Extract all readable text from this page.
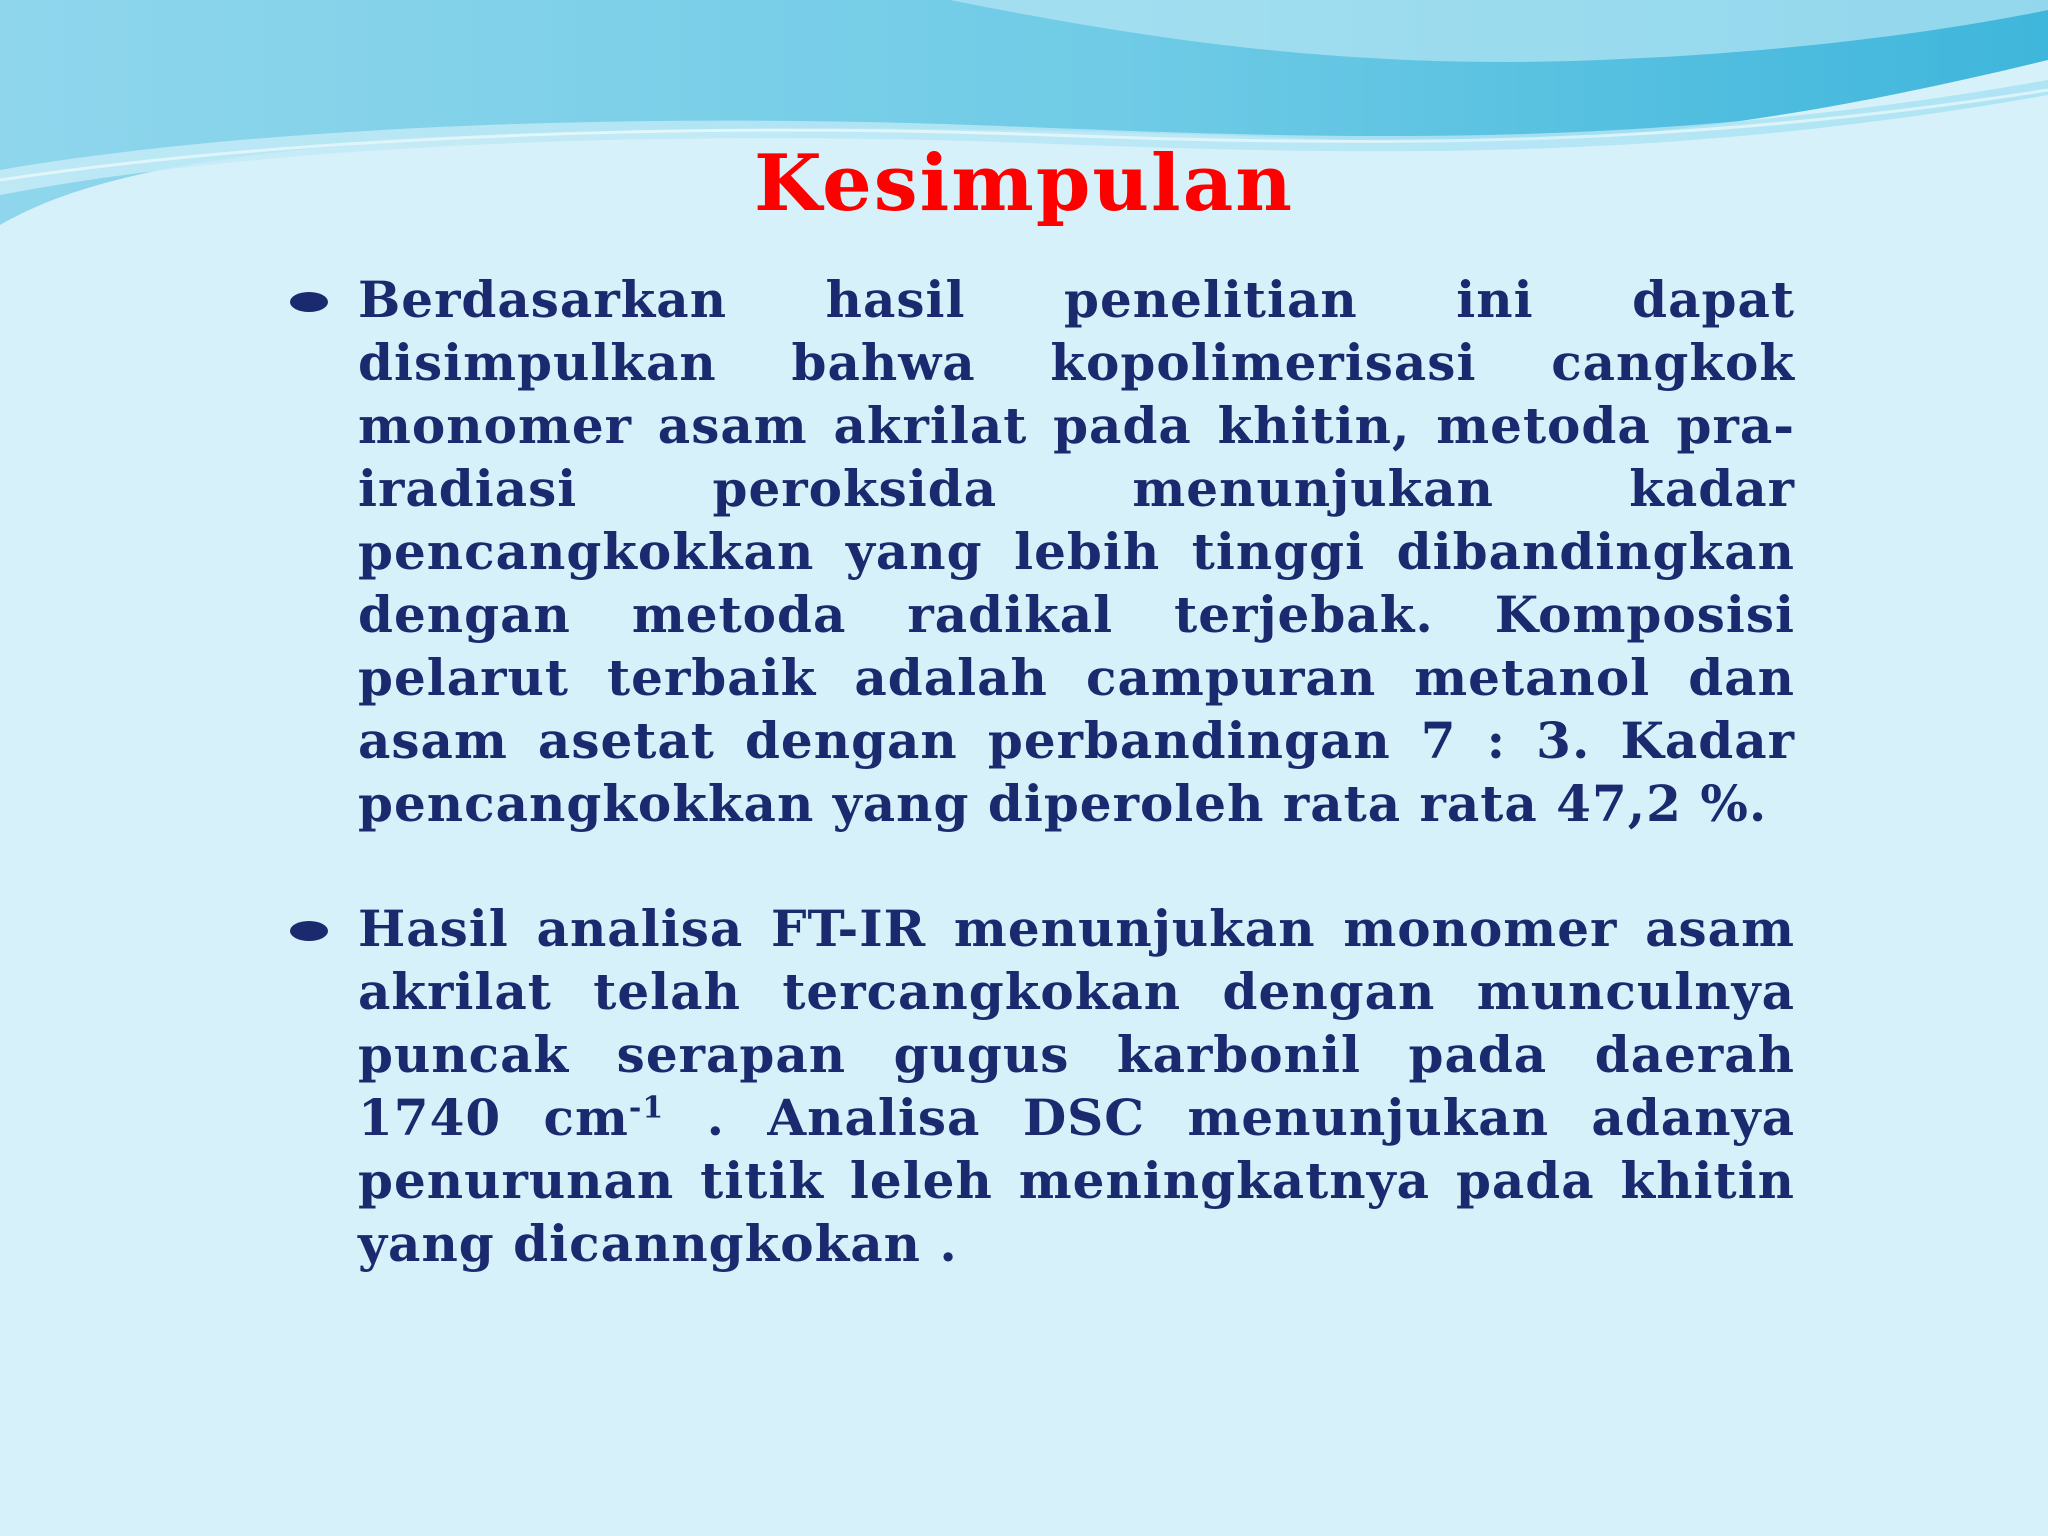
Kesimpulan

Berdasarkan hasil penelitian ini dapat disimpulkan bahwa kopolimerisasi cangkok monomer asam akrilat pada khitin, metoda pra-iradiasi peroksida menunjukan kadar pencangkokkan yang lebih tinggi dibandingkan dengan metoda radikal terjebak. Komposisi pelarut terbaik adalah campuran metanol dan asam asetat dengan perbandingan 7 : 3. Kadar pencangkokkan yang diperoleh rata rata 47,2 %.

Hasil analisa FT-IR menunjukan monomer asam akrilat telah tercangkokan dengan munculnya puncak serapan gugus karbonil pada daerah 1740 $cm^{-1}$ . Analisa DSC menunjukan adanya penurunan titik leleh meningkatnya pada khitin yang dicanngkokan .
